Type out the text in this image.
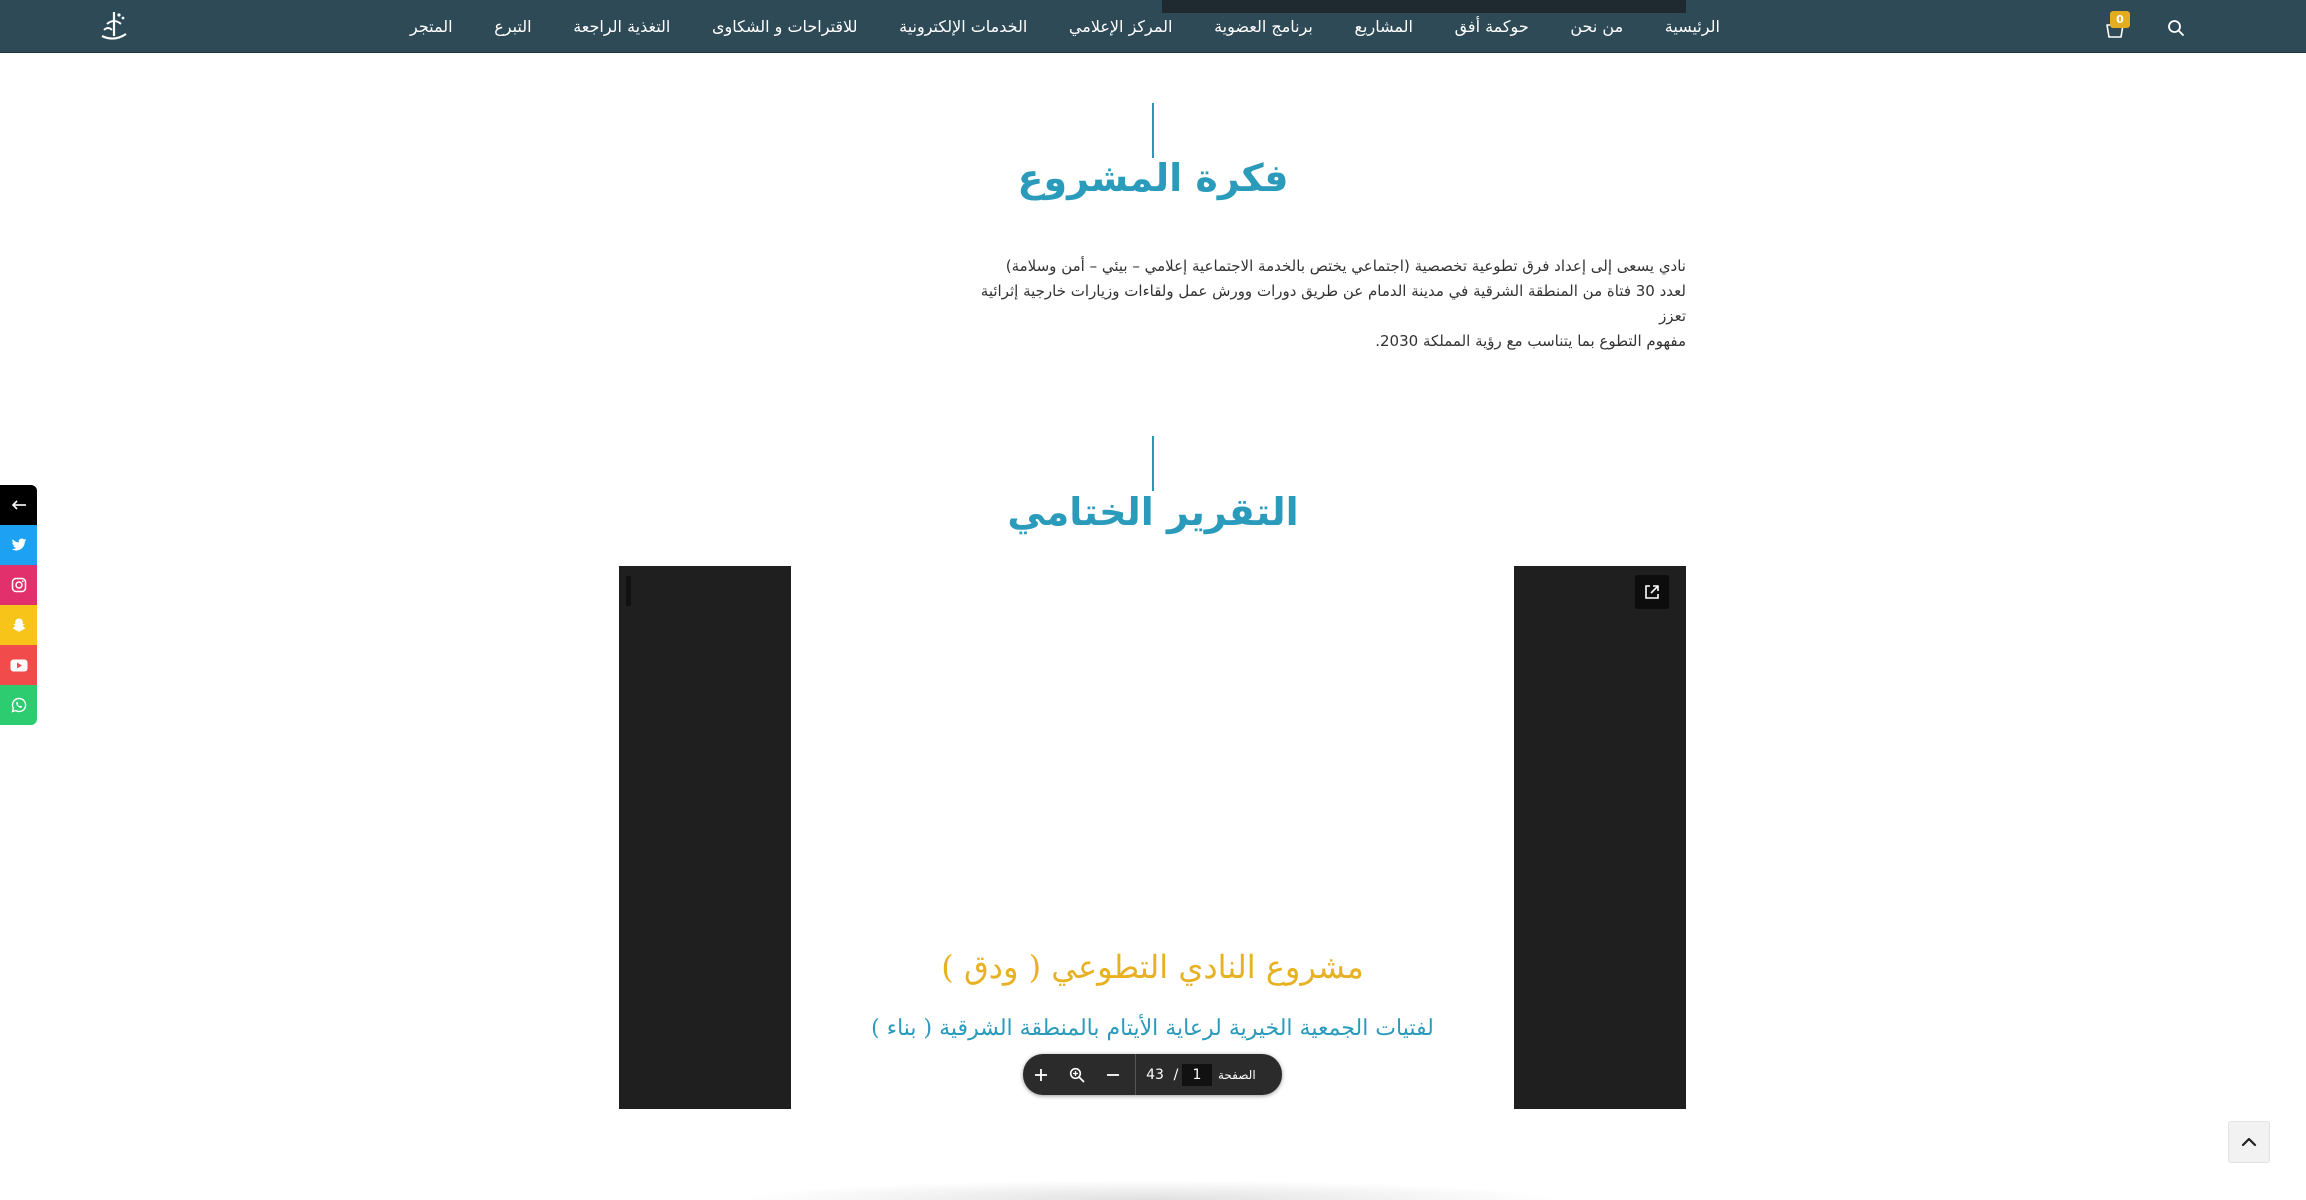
الرئيسية
من نحن
حوكمة أفق
المشاريع
برنامج العضوية
المركز الإعلامي
الخدمات الإلكترونية
للاقتراحات و الشكاوى
التغذية الراجعة
التبرع
المتجر	0
فكرة المشروع
نادي يسعى إلى إعداد فرق تطوعية تخصصية (اجتماعي يختص بالخدمة الاجتماعية إعلامي – بيئي – أمن وسلامة)
لعدد 30 فتاة من المنطقة الشرقية في مدينة الدمام عن طريق دورات وورش عمل ولقاءات وزيارات خارجية إثرائية تعزز
مفهوم التطوع بما يتناسب مع رؤية المملكة 2030.
التقرير الختامي
مشروع النادي التطوعي ( ودق )
لفتيات الجمعية الخيرية لرعاية الأيتام بالمنطقة الشرقية ( بناء )
43 /
1	الصفحة
